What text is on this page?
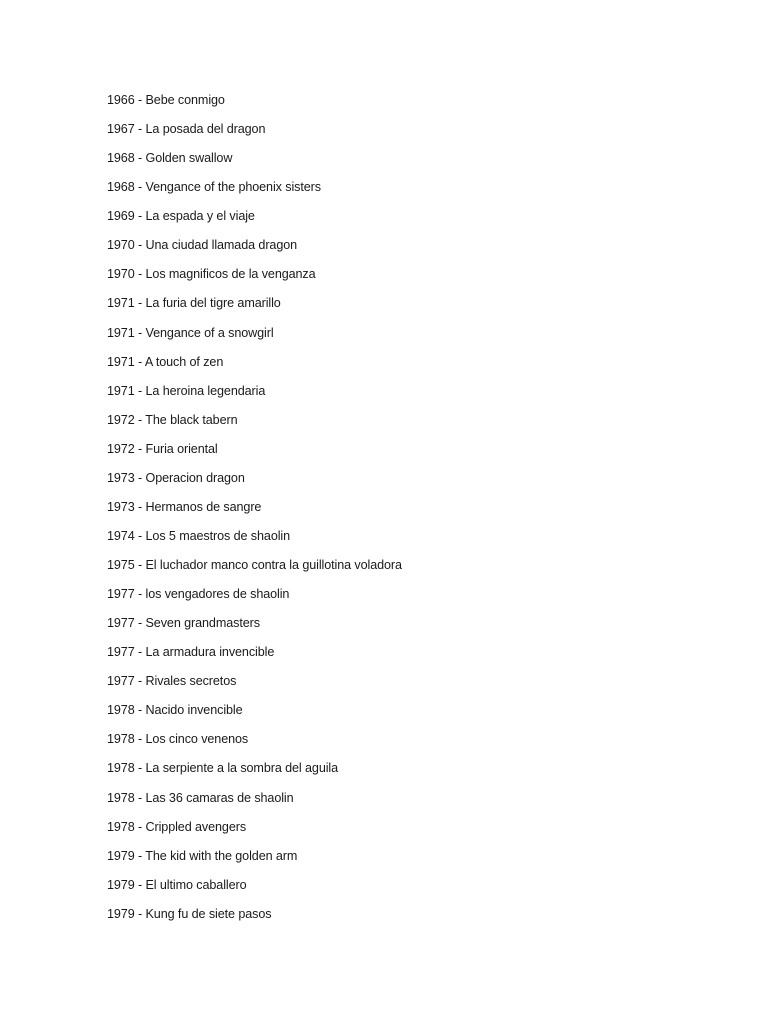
1966 - Bebe conmigo
1967 - La posada del dragon
1968 - Golden swallow
1968 - Vengance of the phoenix sisters
1969 - La espada y el viaje
1970 - Una ciudad llamada dragon
1970 - Los magnificos de la venganza
1971 - La furia del tigre amarillo
1971 - Vengance of a snowgirl
1971 - A touch of zen
1971 - La heroina legendaria
1972 - The black tabern
1972 - Furia oriental
1973 - Operacion dragon
1973 - Hermanos de sangre
1974 - Los 5 maestros de shaolin
1975 - El luchador manco contra la guillotina voladora
1977 - los vengadores de shaolin
1977 - Seven grandmasters
1977 - La armadura invencible
1977 - Rivales secretos
1978 - Nacido invencible
1978 - Los cinco venenos
1978 - La serpiente a la sombra del aguila
1978 - Las 36 camaras de shaolin
1978 - Crippled avengers
1979 - The kid with the golden arm
1979 - El ultimo caballero
1979 - Kung fu de siete pasos
